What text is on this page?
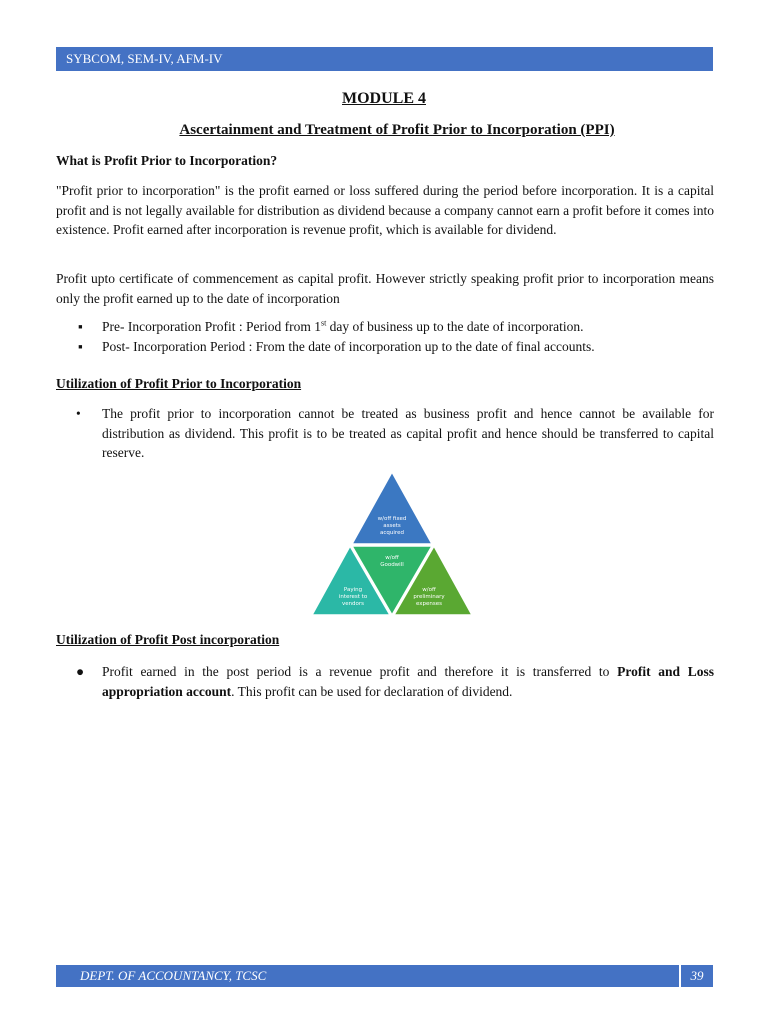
SYBCOM, SEM-IV, AFM-IV
MODULE 4
Ascertainment and Treatment of Profit Prior to Incorporation (PPI)
What is Profit Prior to Incorporation?
"Profit prior to incorporation" is the profit earned or loss suffered during the period before incorporation. It is a capital profit and is not legally available for distribution as dividend because a company cannot earn a profit before it comes into existence. Profit earned after incorporation is revenue profit, which is available for dividend.
Profit upto certificate of commencement as capital profit. However strictly speaking profit prior to incorporation means only the profit earned up to the date of incorporation
▪ Pre- Incorporation Profit : Period from 1st day of business up to the date of incorporation.
▪ Post- Incorporation Period : From the date of incorporation up to the date of final accounts.
Utilization of Profit Prior to Incorporation
• The profit prior to incorporation cannot be treated as business profit and hence cannot be available for distribution as dividend. This profit is to be treated as capital profit and hence should be transferred to capital reserve.
w/off fixed
assets
acquired
w/off
Goodwill
Paying
interest to
vendors
w/off
preliminary
expenses
Utilization of Profit Post incorporation
● Profit earned in the post period is a revenue profit and therefore it is transferred to Profit and Loss appropriation account. This profit can be used for declaration of dividend.
DEPT. OF ACCOUNTANCY, TCSC	39
